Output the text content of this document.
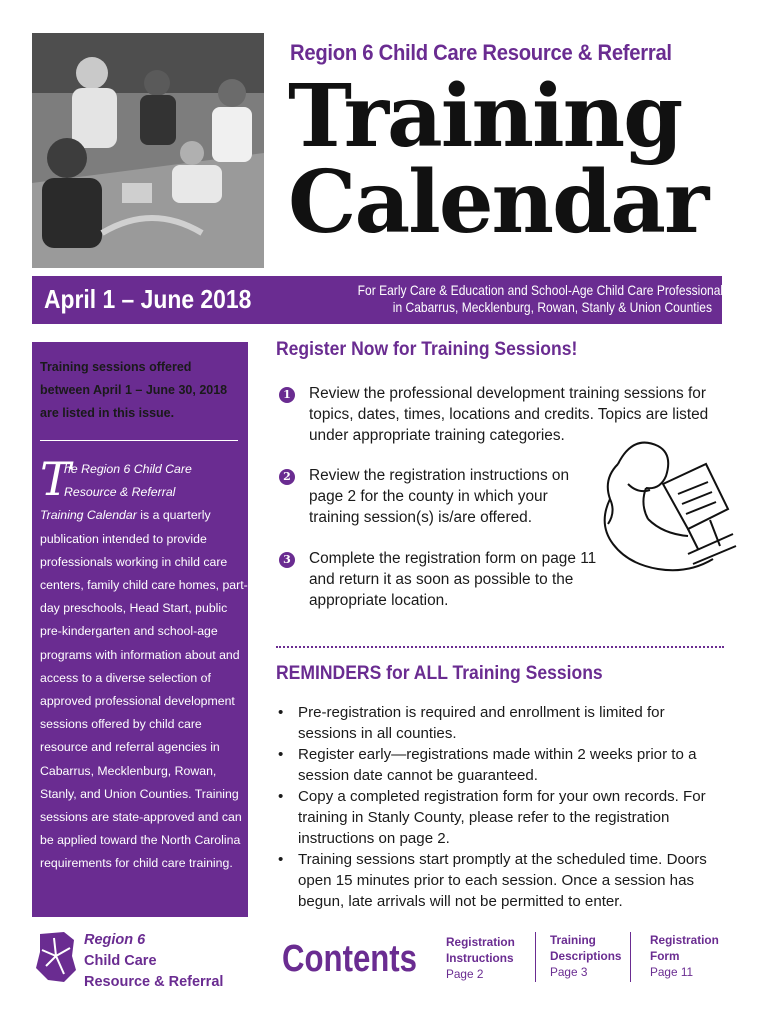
Region 6 Child Care Resource & Referral
Training
Calendar
April 1 – June 2018	For Early Care & Education and School-Age Child Care Professionals
in Cabarrus, Mecklenburg, Rowan, Stanly & Union Counties
Training sessions offered between April 1 – June 30, 2018 are listed in this issue.
T
he Region 6 Child Care
Resource & Referral
Training Calendar is a quarterly publication intended to provide professionals working in child care centers, family child care homes, part-day preschools, Head Start, public pre-kindergarten and school-age programs with information about and access to a diverse selection of approved professional development sessions offered by child care resource and referral agencies in Cabarrus, Mecklenburg, Rowan, Stanly, and Union Counties. Training sessions are state-approved and can be applied toward the North Carolina requirements for child care training.
Register Now for Training Sessions!
1 Review the professional development training sessions for topics, dates, times, locations and credits. Topics are listed under appropriate training categories.
2 Review the registration instructions on page 2 for the county in which your training session(s) is/are offered.
3 Complete the registration form on page 11 and return it as soon as possible to the appropriate location.
REMINDERS for ALL Training Sessions
• Pre-registration is required and enrollment is limited for sessions in all counties.
• Register early—registrations made within 2 weeks prior to a session date cannot be guaranteed.
• Copy a completed registration form for your own records. For training in Stanly County, please refer to the registration instructions on page 2.
• Training sessions start promptly at the scheduled time. Doors open 15 minutes prior to each session. Once a session has begun, late arrivals will not be permitted to enter.
Region 6
Child Care
Resource & Referral
Contents Registration
Instructions
Page 2
Training
Descriptions
Page 3
Registration
Form
Page 11
